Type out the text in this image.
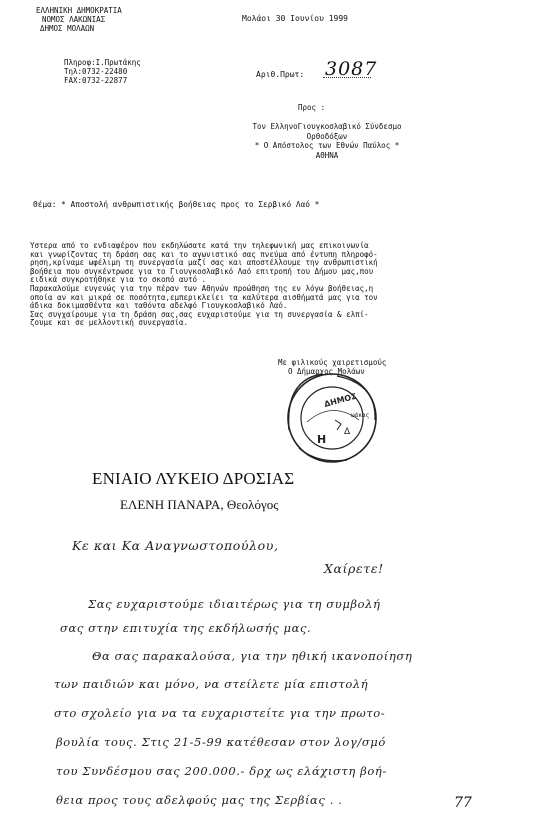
ΕΛΛΗΝΙΚΗ ΔΗΜΟΚΡΑΤΙΑ
ΝΟΜΟΣ ΛΑΚΩΝΙΑΣ
ΔΗΜΟΣ ΜΟΛΑΩΝ
Μολάοι 30 Ιουνίου 1999
Πληροφ:Ι.Πρωτάκης
Τηλ:0732-22480
FAX:0732-22877
Αριθ.Πρωτ: 3087
Προς :
Τον ΕλληνοΓιουγκοσλαβικό Σύνδεσμο
Ορθοδόξων
* Ο Απόστολος των Εθνών Παύλος *
ΑΘΗΝΑ
Θέμα: * Αποστολή ανθρωπιστικής βοήθειας προς το Σερβικό Λαό *
Υστερα από το ενδιαφέρον που εκδηλώσατε κατά την τηλεφωνική μας επικοινωνία
και γνωρίζοντας τη δράση σας και το αγωνιστικό σας πνεύμα από έντυπη πληροφό-
ρηση,κρίναμε ωφέλιμη τη συνεργασία μαζί σας και αποστέλλουμε την ανθρωπιστική
βοήθεια που συγκέντρωσε για το Γιουγκοσλαβικό Λαό επιτροπή του Δήμου μας,που
ειδικά συγκροτήθηκε για το σκοπό αυτό .
Παρακαλούμε ευγενώς για την πέραν των Αθηνών προώθηση της εν λόγω βοήθειας,η
οποία αν και μικρά σε ποσότητα,εμπερικλείει τα καλύτερα αισθήματά μας για τον
άδικα δοκιμασθέντα και ταθόντα αδελφό Γιουγκοσλαβικό Λαό.
Σας συγχαίρουμε για τη δράση σας,σας ευχαριστούμε για τη συνεργασία & ελπί-
ζουμε και σε μελλοντική συνεργασία.
Με φιλικούς χαιρετισμούς
Ο Δήμαρχος Μολάων
ΔΗΜΟΣ
H
Δ
ωάκας
ΕΝΙΑΙΟ ΛΥΚΕΙΟ ΔΡΟΣΙΑΣ
ΕΛΕΝΗ ΠΑΝΑΡΑ, Θεολόγος
Κε και Κα Αναγνωστοπούλου,
Χαίρετε!
Σας ευχαριστούμε ιδιαιτέρως για τη συμβολή
σας στην επιτυχία της εκδήλωσής μας.
Θα σας παρακαλούσα, για την ηθική ικανοποίηση
των παιδιών και μόνο, να στείλετε μία επιστολή
στο σχολείο για να τα ευχαριστείτε για την πρωτο-
βουλία τους. Στις 21-5-99 κατέθεσαν στον λογ/σμό
του Συνδέσμου σας 200.000.- δρχ ως ελάχιστη βοή-
θεια προς τους αδελφούς μας της Σερβίας . .	77
